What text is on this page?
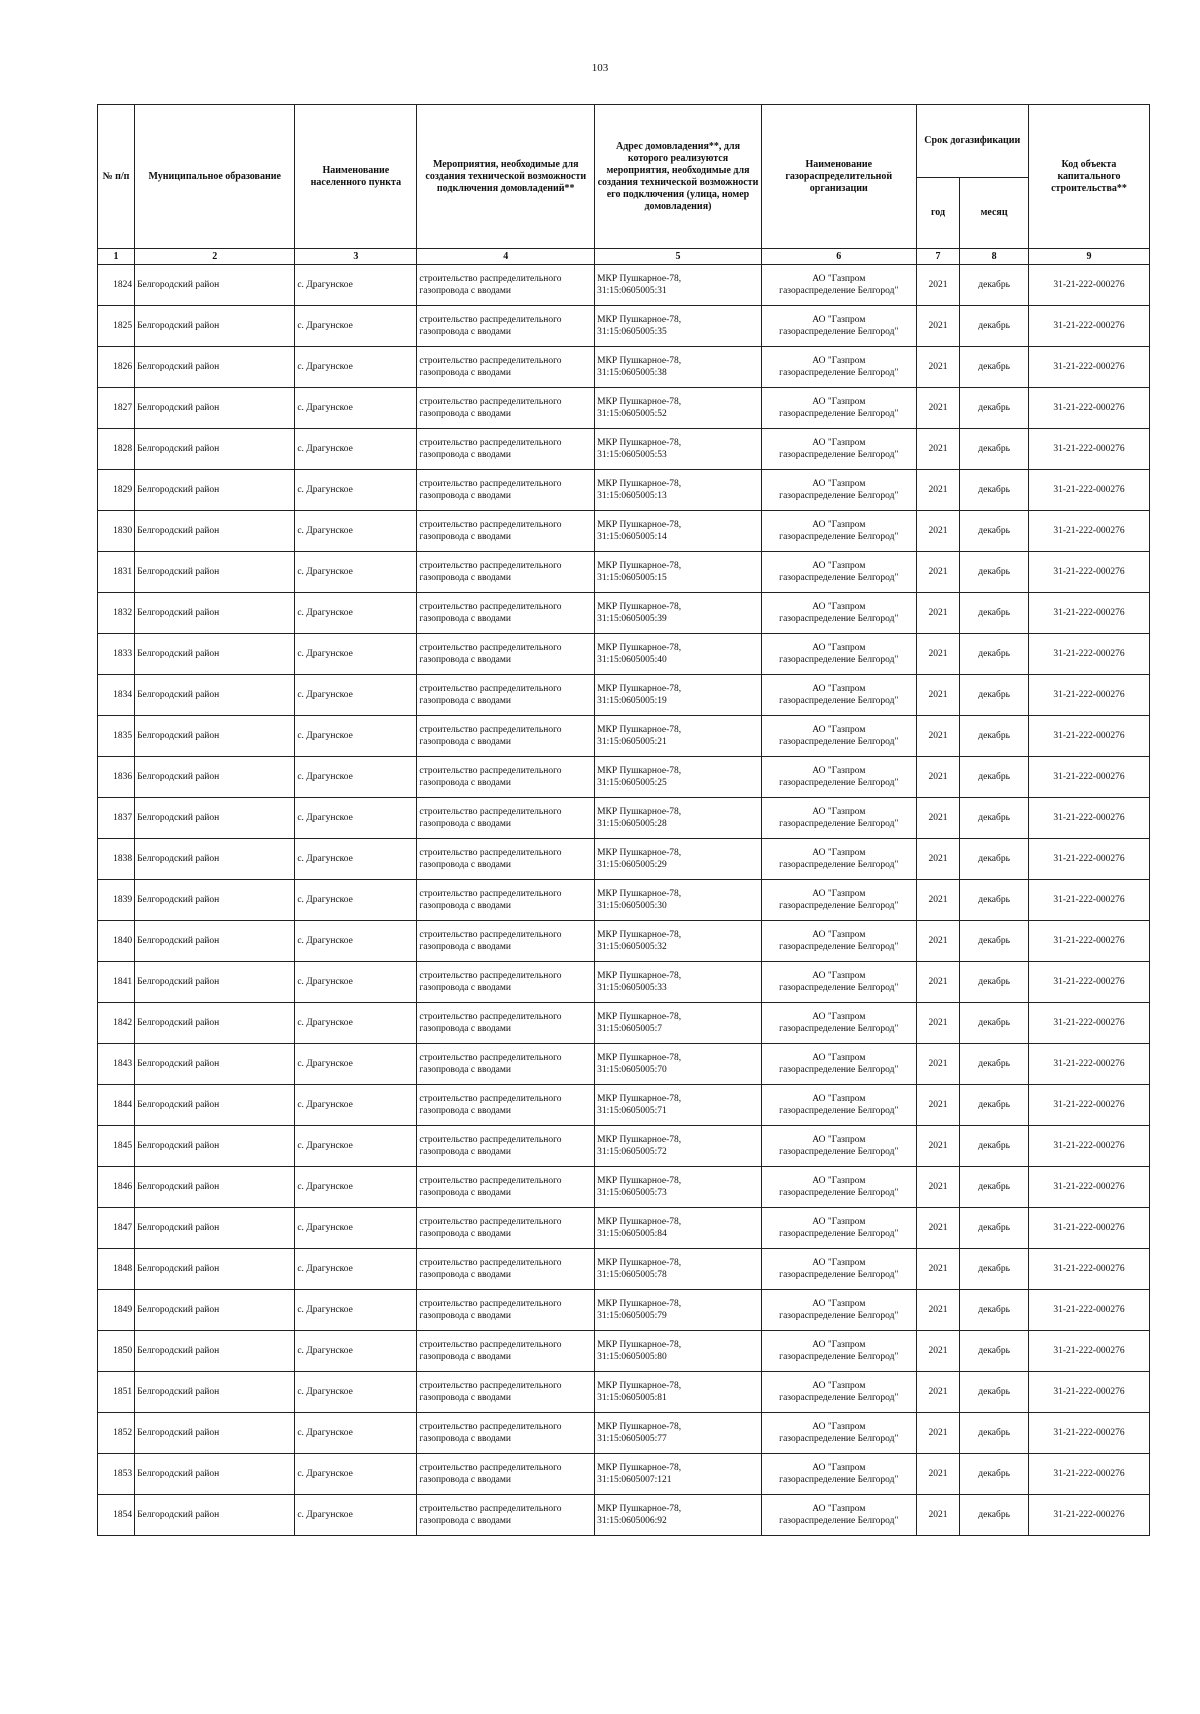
103
№ п/п	Муниципальное образование	Наименование населенного пункта	Мероприятия, необходимые для создания технической возможности подключения домовладений**	Адрес домовладения**, для которого реализуются мероприятия, необходимые для создания технической возможности его подключения (улица, номер домовладения)	Наименование газораспределительной организации	Срок догазификации		Код объекта капитального строительства**
						год	месяц	
1	2	3	4	5	6	7	8	9
1824	Белгородский район	с. Драгунское	строительство распределительного газопровода с вводами	МКР Пушкарное-78,
31:15:0605005:31	АО "Газпром
газораспределение Белгород"	2021	декабрь	31-21-222-000276
1825	Белгородский район	с. Драгунское	строительство распределительного газопровода с вводами	МКР Пушкарное-78,
31:15:0605005:35	АО "Газпром
газораспределение Белгород"	2021	декабрь	31-21-222-000276
1826	Белгородский район	с. Драгунское	строительство распределительного газопровода с вводами	МКР Пушкарное-78,
31:15:0605005:38	АО "Газпром
газораспределение Белгород"	2021	декабрь	31-21-222-000276
1827	Белгородский район	с. Драгунское	строительство распределительного газопровода с вводами	МКР Пушкарное-78,
31:15:0605005:52	АО "Газпром
газораспределение Белгород"	2021	декабрь	31-21-222-000276
1828	Белгородский район	с. Драгунское	строительство распределительного газопровода с вводами	МКР Пушкарное-78,
31:15:0605005:53	АО "Газпром
газораспределение Белгород"	2021	декабрь	31-21-222-000276
1829	Белгородский район	с. Драгунское	строительство распределительного газопровода с вводами	МКР Пушкарное-78,
31:15:0605005:13	АО "Газпром
газораспределение Белгород"	2021	декабрь	31-21-222-000276
1830	Белгородский район	с. Драгунское	строительство распределительного газопровода с вводами	МКР Пушкарное-78,
31:15:0605005:14	АО "Газпром
газораспределение Белгород"	2021	декабрь	31-21-222-000276
1831	Белгородский район	с. Драгунское	строительство распределительного газопровода с вводами	МКР Пушкарное-78,
31:15:0605005:15	АО "Газпром
газораспределение Белгород"	2021	декабрь	31-21-222-000276
1832	Белгородский район	с. Драгунское	строительство распределительного газопровода с вводами	МКР Пушкарное-78,
31:15:0605005:39	АО "Газпром
газораспределение Белгород"	2021	декабрь	31-21-222-000276
1833	Белгородский район	с. Драгунское	строительство распределительного газопровода с вводами	МКР Пушкарное-78,
31:15:0605005:40	АО "Газпром
газораспределение Белгород"	2021	декабрь	31-21-222-000276
1834	Белгородский район	с. Драгунское	строительство распределительного газопровода с вводами	МКР Пушкарное-78,
31:15:0605005:19	АО "Газпром
газораспределение Белгород"	2021	декабрь	31-21-222-000276
1835	Белгородский район	с. Драгунское	строительство распределительного газопровода с вводами	МКР Пушкарное-78,
31:15:0605005:21	АО "Газпром
газораспределение Белгород"	2021	декабрь	31-21-222-000276
1836	Белгородский район	с. Драгунское	строительство распределительного газопровода с вводами	МКР Пушкарное-78,
31:15:0605005:25	АО "Газпром
газораспределение Белгород"	2021	декабрь	31-21-222-000276
1837	Белгородский район	с. Драгунское	строительство распределительного газопровода с вводами	МКР Пушкарное-78,
31:15:0605005:28	АО "Газпром
газораспределение Белгород"	2021	декабрь	31-21-222-000276
1838	Белгородский район	с. Драгунское	строительство распределительного газопровода с вводами	МКР Пушкарное-78,
31:15:0605005:29	АО "Газпром
газораспределение Белгород"	2021	декабрь	31-21-222-000276
1839	Белгородский район	с. Драгунское	строительство распределительного газопровода с вводами	МКР Пушкарное-78,
31:15:0605005:30	АО "Газпром
газораспределение Белгород"	2021	декабрь	31-21-222-000276
1840	Белгородский район	с. Драгунское	строительство распределительного газопровода с вводами	МКР Пушкарное-78,
31:15:0605005:32	АО "Газпром
газораспределение Белгород"	2021	декабрь	31-21-222-000276
1841	Белгородский район	с. Драгунское	строительство распределительного газопровода с вводами	МКР Пушкарное-78,
31:15:0605005:33	АО "Газпром
газораспределение Белгород"	2021	декабрь	31-21-222-000276
1842	Белгородский район	с. Драгунское	строительство распределительного газопровода с вводами	МКР Пушкарное-78,
31:15:0605005:7	АО "Газпром
газораспределение Белгород"	2021	декабрь	31-21-222-000276
1843	Белгородский район	с. Драгунское	строительство распределительного газопровода с вводами	МКР Пушкарное-78,
31:15:0605005:70	АО "Газпром
газораспределение Белгород"	2021	декабрь	31-21-222-000276
1844	Белгородский район	с. Драгунское	строительство распределительного газопровода с вводами	МКР Пушкарное-78,
31:15:0605005:71	АО "Газпром
газораспределение Белгород"	2021	декабрь	31-21-222-000276
1845	Белгородский район	с. Драгунское	строительство распределительного газопровода с вводами	МКР Пушкарное-78,
31:15:0605005:72	АО "Газпром
газораспределение Белгород"	2021	декабрь	31-21-222-000276
1846	Белгородский район	с. Драгунское	строительство распределительного газопровода с вводами	МКР Пушкарное-78,
31:15:0605005:73	АО "Газпром
газораспределение Белгород"	2021	декабрь	31-21-222-000276
1847	Белгородский район	с. Драгунское	строительство распределительного газопровода с вводами	МКР Пушкарное-78,
31:15:0605005:84	АО "Газпром
газораспределение Белгород"	2021	декабрь	31-21-222-000276
1848	Белгородский район	с. Драгунское	строительство распределительного газопровода с вводами	МКР Пушкарное-78,
31:15:0605005:78	АО "Газпром
газораспределение Белгород"	2021	декабрь	31-21-222-000276
1849	Белгородский район	с. Драгунское	строительство распределительного газопровода с вводами	МКР Пушкарное-78,
31:15:0605005:79	АО "Газпром
газораспределение Белгород"	2021	декабрь	31-21-222-000276
1850	Белгородский район	с. Драгунское	строительство распределительного газопровода с вводами	МКР Пушкарное-78,
31:15:0605005:80	АО "Газпром
газораспределение Белгород"	2021	декабрь	31-21-222-000276
1851	Белгородский район	с. Драгунское	строительство распределительного газопровода с вводами	МКР Пушкарное-78,
31:15:0605005:81	АО "Газпром
газораспределение Белгород"	2021	декабрь	31-21-222-000276
1852	Белгородский район	с. Драгунское	строительство распределительного газопровода с вводами	МКР Пушкарное-78,
31:15:0605005:77	АО "Газпром
газораспределение Белгород"	2021	декабрь	31-21-222-000276
1853	Белгородский район	с. Драгунское	строительство распределительного газопровода с вводами	МКР Пушкарное-78,
31:15:0605007:121	АО "Газпром
газораспределение Белгород"	2021	декабрь	31-21-222-000276
1854	Белгородский район	с. Драгунское	строительство распределительного газопровода с вводами	МКР Пушкарное-78,
31:15:0605006:92	АО "Газпром
газораспределение Белгород"	2021	декабрь	31-21-222-000276
